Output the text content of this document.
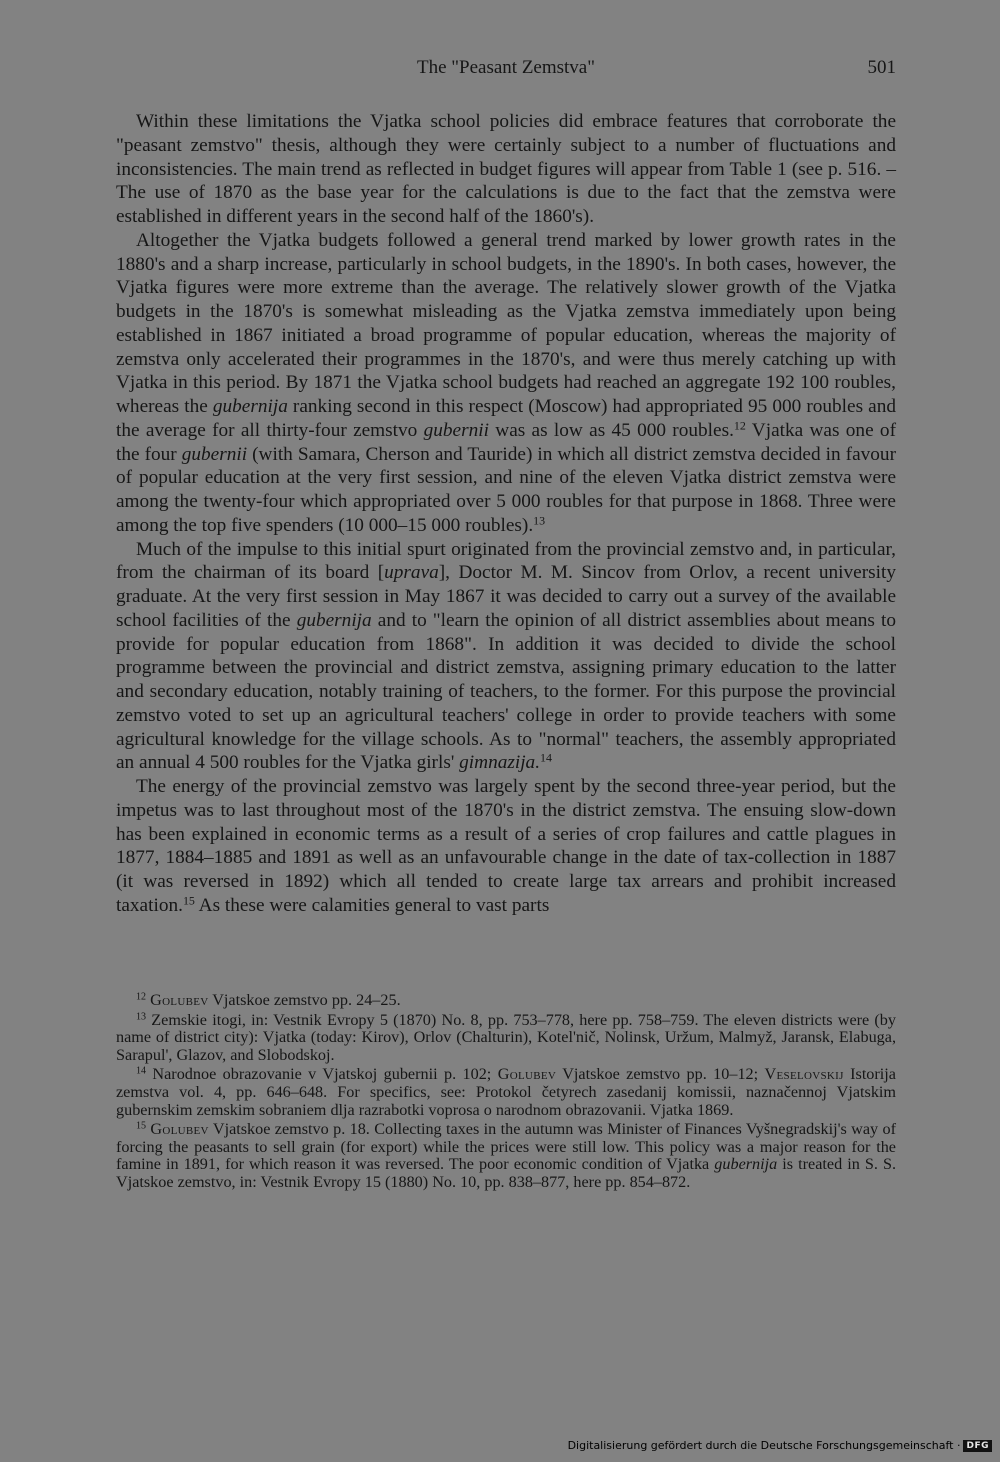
The "Peasant Zemstva"	501

Within these limitations the Vjatka school policies did embrace features that corroborate the "peasant zemstvo" thesis, although they were certainly subject to a number of fluctuations and inconsistencies. The main trend as reflected in budget figures will appear from Table 1 (see p. 516. – The use of 1870 as the base year for the calculations is due to the fact that the zemstva were established in different years in the second half of the 1860's).

Altogether the Vjatka budgets followed a general trend marked by lower growth rates in the 1880's and a sharp increase, particularly in school budgets, in the 1890's. In both cases, however, the Vjatka figures were more extreme than the average. The relatively slower growth of the Vjatka budgets in the 1870's is somewhat misleading as the Vjatka zemstva immediately upon being established in 1867 initiated a broad programme of popular education, whereas the majority of zemstva only accelerated their programmes in the 1870's, and were thus merely catching up with Vjatka in this period. By 1871 the Vjatka school budgets had reached an aggregate 192 100 roubles, whereas the gubernija ranking second in this respect (Moscow) had appropriated 95 000 roubles and the average for all thirty-four zemstvo gubernii was as low as 45 000 roubles.$^{12}$ Vjatka was one of the four gubernii (with Samara, Cherson and Tauride) in which all district zemstva decided in favour of popular education at the very first session, and nine of the eleven Vjatka district zemstva were among the twenty-four which appropriated over 5 000 roubles for that purpose in 1868. Three were among the top five spenders (10 000–15 000 roubles).$^{13}$

Much of the impulse to this initial spurt originated from the provincial zemstvo and, in particular, from the chairman of its board [uprava], Doctor M. M. Sincov from Orlov, a recent university graduate. At the very first session in May 1867 it was decided to carry out a survey of the available school facilities of the gubernija and to "learn the opinion of all district assemblies about means to provide for popular education from 1868". In addition it was decided to divide the school programme between the provincial and district zemstva, assigning primary education to the latter and secondary education, notably training of teachers, to the former. For this purpose the provincial zemstvo voted to set up an agricultural teachers' college in order to provide teachers with some agricultural knowledge for the village schools. As to "normal" teachers, the assembly appropriated an annual 4 500 roubles for the Vjatka girls' gimnazija.$^{14}$

The energy of the provincial zemstvo was largely spent by the second three-year period, but the impetus was to last throughout most of the 1870's in the district zemstva. The ensuing slow-down has been explained in economic terms as a result of a series of crop failures and cattle plagues in 1877, 1884–1885 and 1891 as well as an unfavourable change in the date of tax-collection in 1887 (it was reversed in 1892) which all tended to create large tax arrears and prohibit increased taxation.$^{15}$ As these were calamities general to vast parts

$^{12}$ Golubev Vjatskoe zemstvo pp. 24–25.

$^{13}$ Zemskie itogi, in: Vestnik Evropy 5 (1870) No. 8, pp. 753–778, here pp. 758–759. The eleven districts were (by name of district city): Vjatka (today: Kirov), Orlov (Chalturin), Kotel'nič, Nolinsk, Uržum, Malmyž, Jaransk, Elabuga, Sarapul', Glazov, and Slobodskoj.

$^{14}$ Narodnoe obrazovanie v Vjatskoj gubernii p. 102; Golubev Vjatskoe zemstvo pp. 10–12; Veselovskij Istorija zemstva vol. 4, pp. 646–648. For specifics, see: Protokol četyrech zasedanij komissii, naznačennoj Vjatskim gubernskim zemskim sobraniem dlja razrabotki voprosa o narodnom obrazovanii. Vjatka 1869.

$^{15}$ Golubev Vjatskoe zemstvo p. 18. Collecting taxes in the autumn was Minister of Finances Vyšnegradskij's way of forcing the peasants to sell grain (for export) while the prices were still low. This policy was a major reason for the famine in 1891, for which reason it was reversed. The poor economic condition of Vjatka gubernija is treated in S. S. Vjatskoe zemstvo, in: Vestnik Evropy 15 (1880) No. 10, pp. 838–877, here pp. 854–872.

Digitalisierung gefördert durch die Deutsche Forschungsgemeinschaft · DFG
